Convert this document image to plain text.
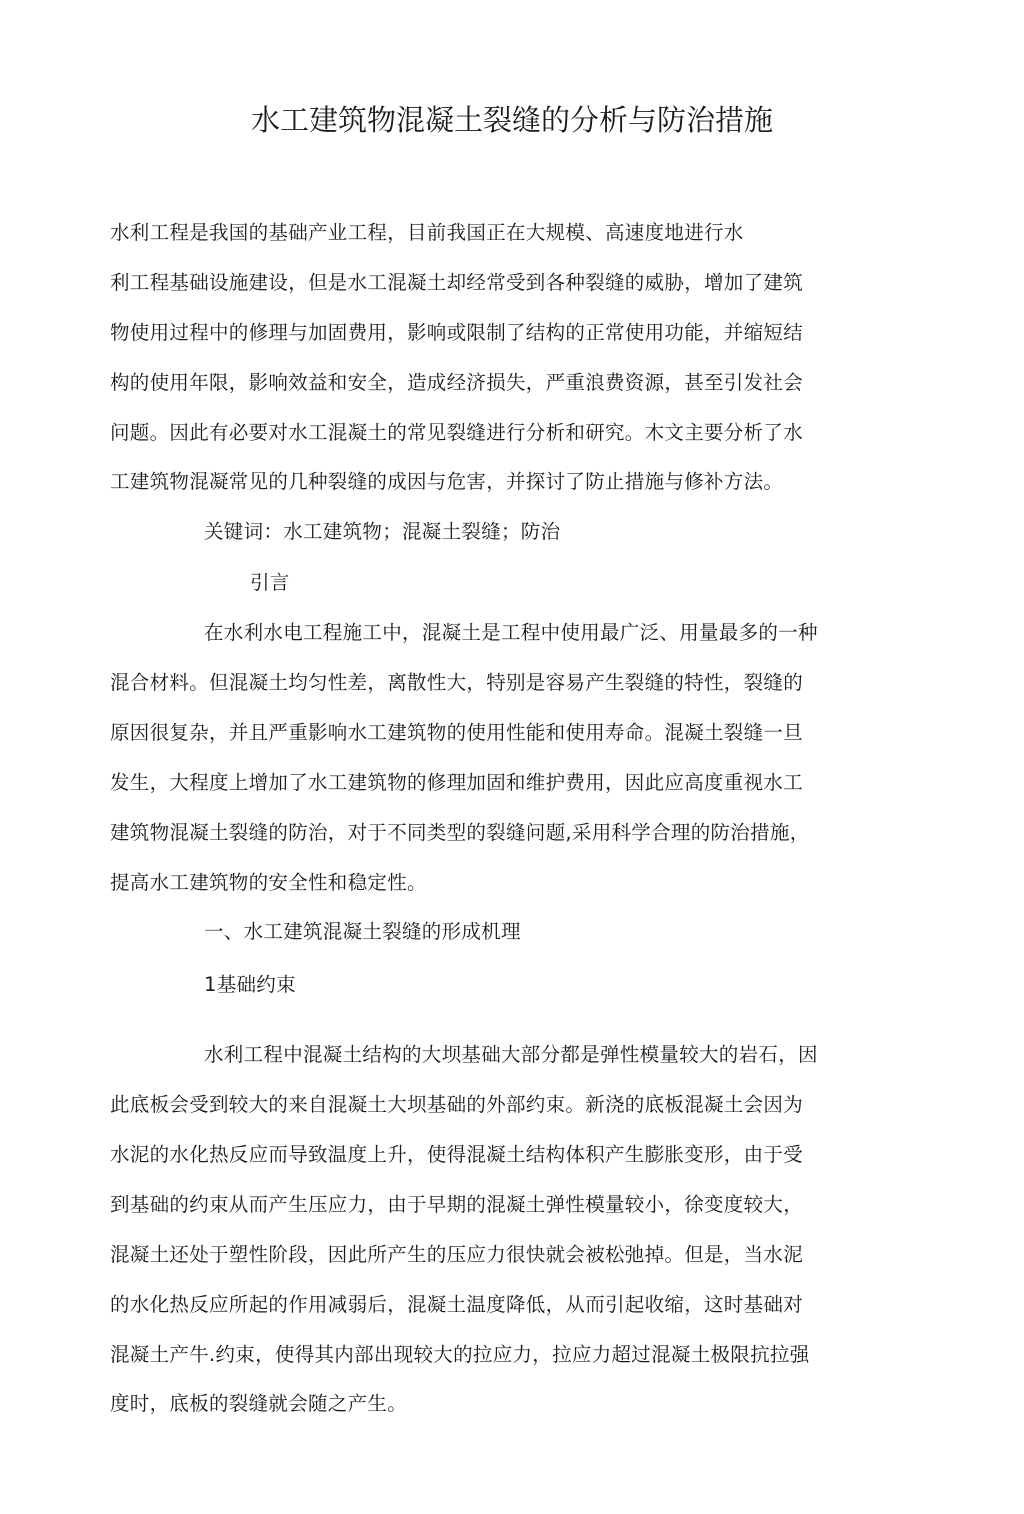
水工建筑物混凝土裂缝的分析与防治措施
水利工程是我国的基础产业工程，目前我国正在大规模、高速度地进行水
利工程基础设施建设，但是水工混凝土却经常受到各种裂缝的威胁，增加了建筑
物使用过程中的修理与加固费用，影响或限制了结构的正常使用功能，并缩短结
构的使用年限，影响效益和安全，造成经济损失，严重浪费资源，甚至引发社会
问题。因此有必要对水工混凝土的常见裂缝进行分析和研究。木文主要分析了水
工建筑物混凝常见的几种裂缝的成因与危害，并探讨了防止措施与修补方法。
关键词：水工建筑物；混凝土裂缝；防治
引言
在水利水电工程施工中，混凝土是工程中使用最广泛、用量最多的一种
混合材料。但混凝土均匀性差，离散性大，特别是容易产生裂缝的特性，裂缝的
原因很复杂，并且严重影响水工建筑物的使用性能和使用寿命。混凝土裂缝一旦
发生，大程度上增加了水工建筑物的修理加固和维护费用，因此应高度重视水工
建筑物混凝土裂缝的防治，对于不同类型的裂缝问题,采用科学合理的防治措施，
提高水工建筑物的安全性和稳定性。
一、水工建筑混凝土裂缝的形成机理
1基础约束
水利工程中混凝土结构的大坝基础大部分都是弹性模量较大的岩石，因
此底板会受到较大的来自混凝土大坝基础的外部约束。新浇的底板混凝土会因为
水泥的水化热反应而导致温度上升，使得混凝土结构体积产生膨胀变形，由于受
到基础的约束从而产生压应力，由于早期的混凝土弹性模量较小，徐变度较大，
混凝土还处于塑性阶段，因此所产生的压应力很快就会被松弛掉。但是，当水泥
的水化热反应所起的作用减弱后，混凝土温度降低，从而引起收缩，这时基础对
混凝土产牛.约束，使得其内部出现较大的拉应力，拉应力超过混凝土极限抗拉强
度时，底板的裂缝就会随之产生。
